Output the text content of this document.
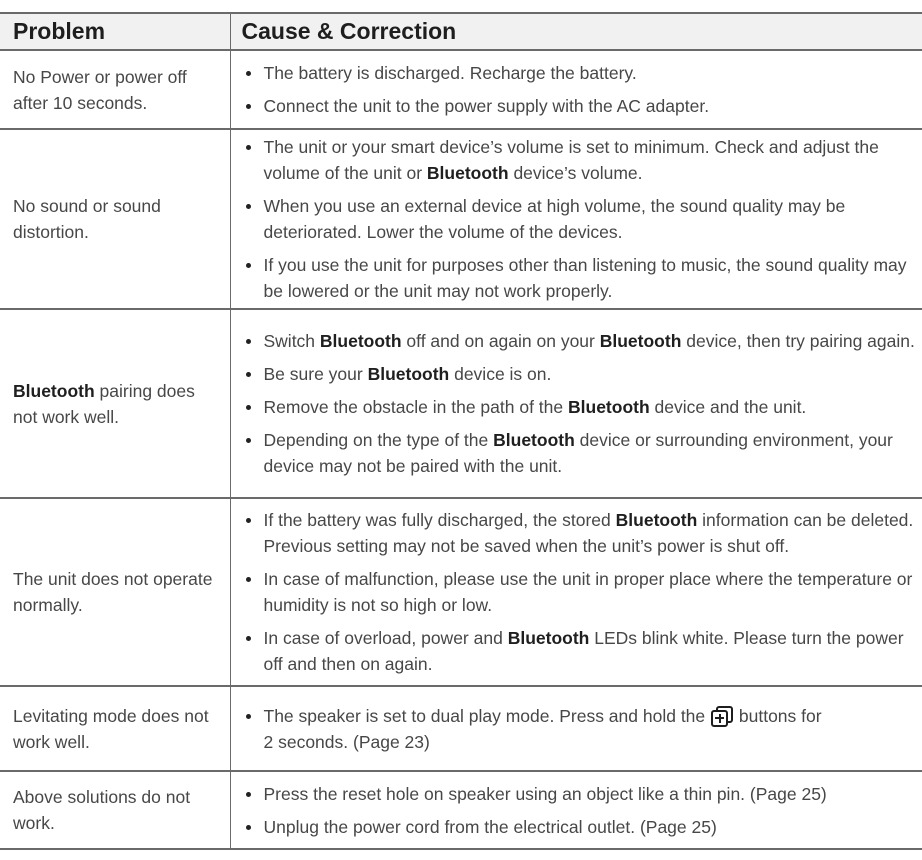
Problem	Cause & Correction
No Power or power off after 10 seconds.	
The battery is discharged. Recharge the battery.
Connect the unit to the power supply with the AC adapter.

No sound or sound distortion.	
The unit or your smart device’s volume is set to minimum. Check and adjust the volume of the unit or Bluetooth device’s volume.
When you use an external device at high volume, the sound quality may be deteriorated. Lower the volume of the devices.
If you use the unit for purposes other than listening to music, the sound quality may be lowered or the unit may not work properly.

Bluetooth pairing does not work well.	
Switch Bluetooth off and on again on your Bluetooth device, then try pairing again.
Be sure your Bluetooth device is on.
Remove the obstacle in the path of the Bluetooth device and the unit.
Depending on the type of the Bluetooth device or surrounding environment, your device may not be paired with the unit.

The unit does not operate normally.	
If the battery was fully discharged, the stored Bluetooth information can be deleted. Previous setting may not be saved when the unit’s power is shut off.
In case of malfunction, please use the unit in proper place where the temperature or humidity is not so high or low.
In case of overload, power and Bluetooth LEDs blink white. Please turn the power off and then on again.

Levitating mode does not work well.	
The speaker is set to dual play mode. Press and hold the
buttons for
2 seconds. (Page 23)

Above solutions do not work.	
Press the reset hole on speaker using an object like a thin pin. (Page 25)
Unplug the power cord from the electrical outlet. (Page 25)
